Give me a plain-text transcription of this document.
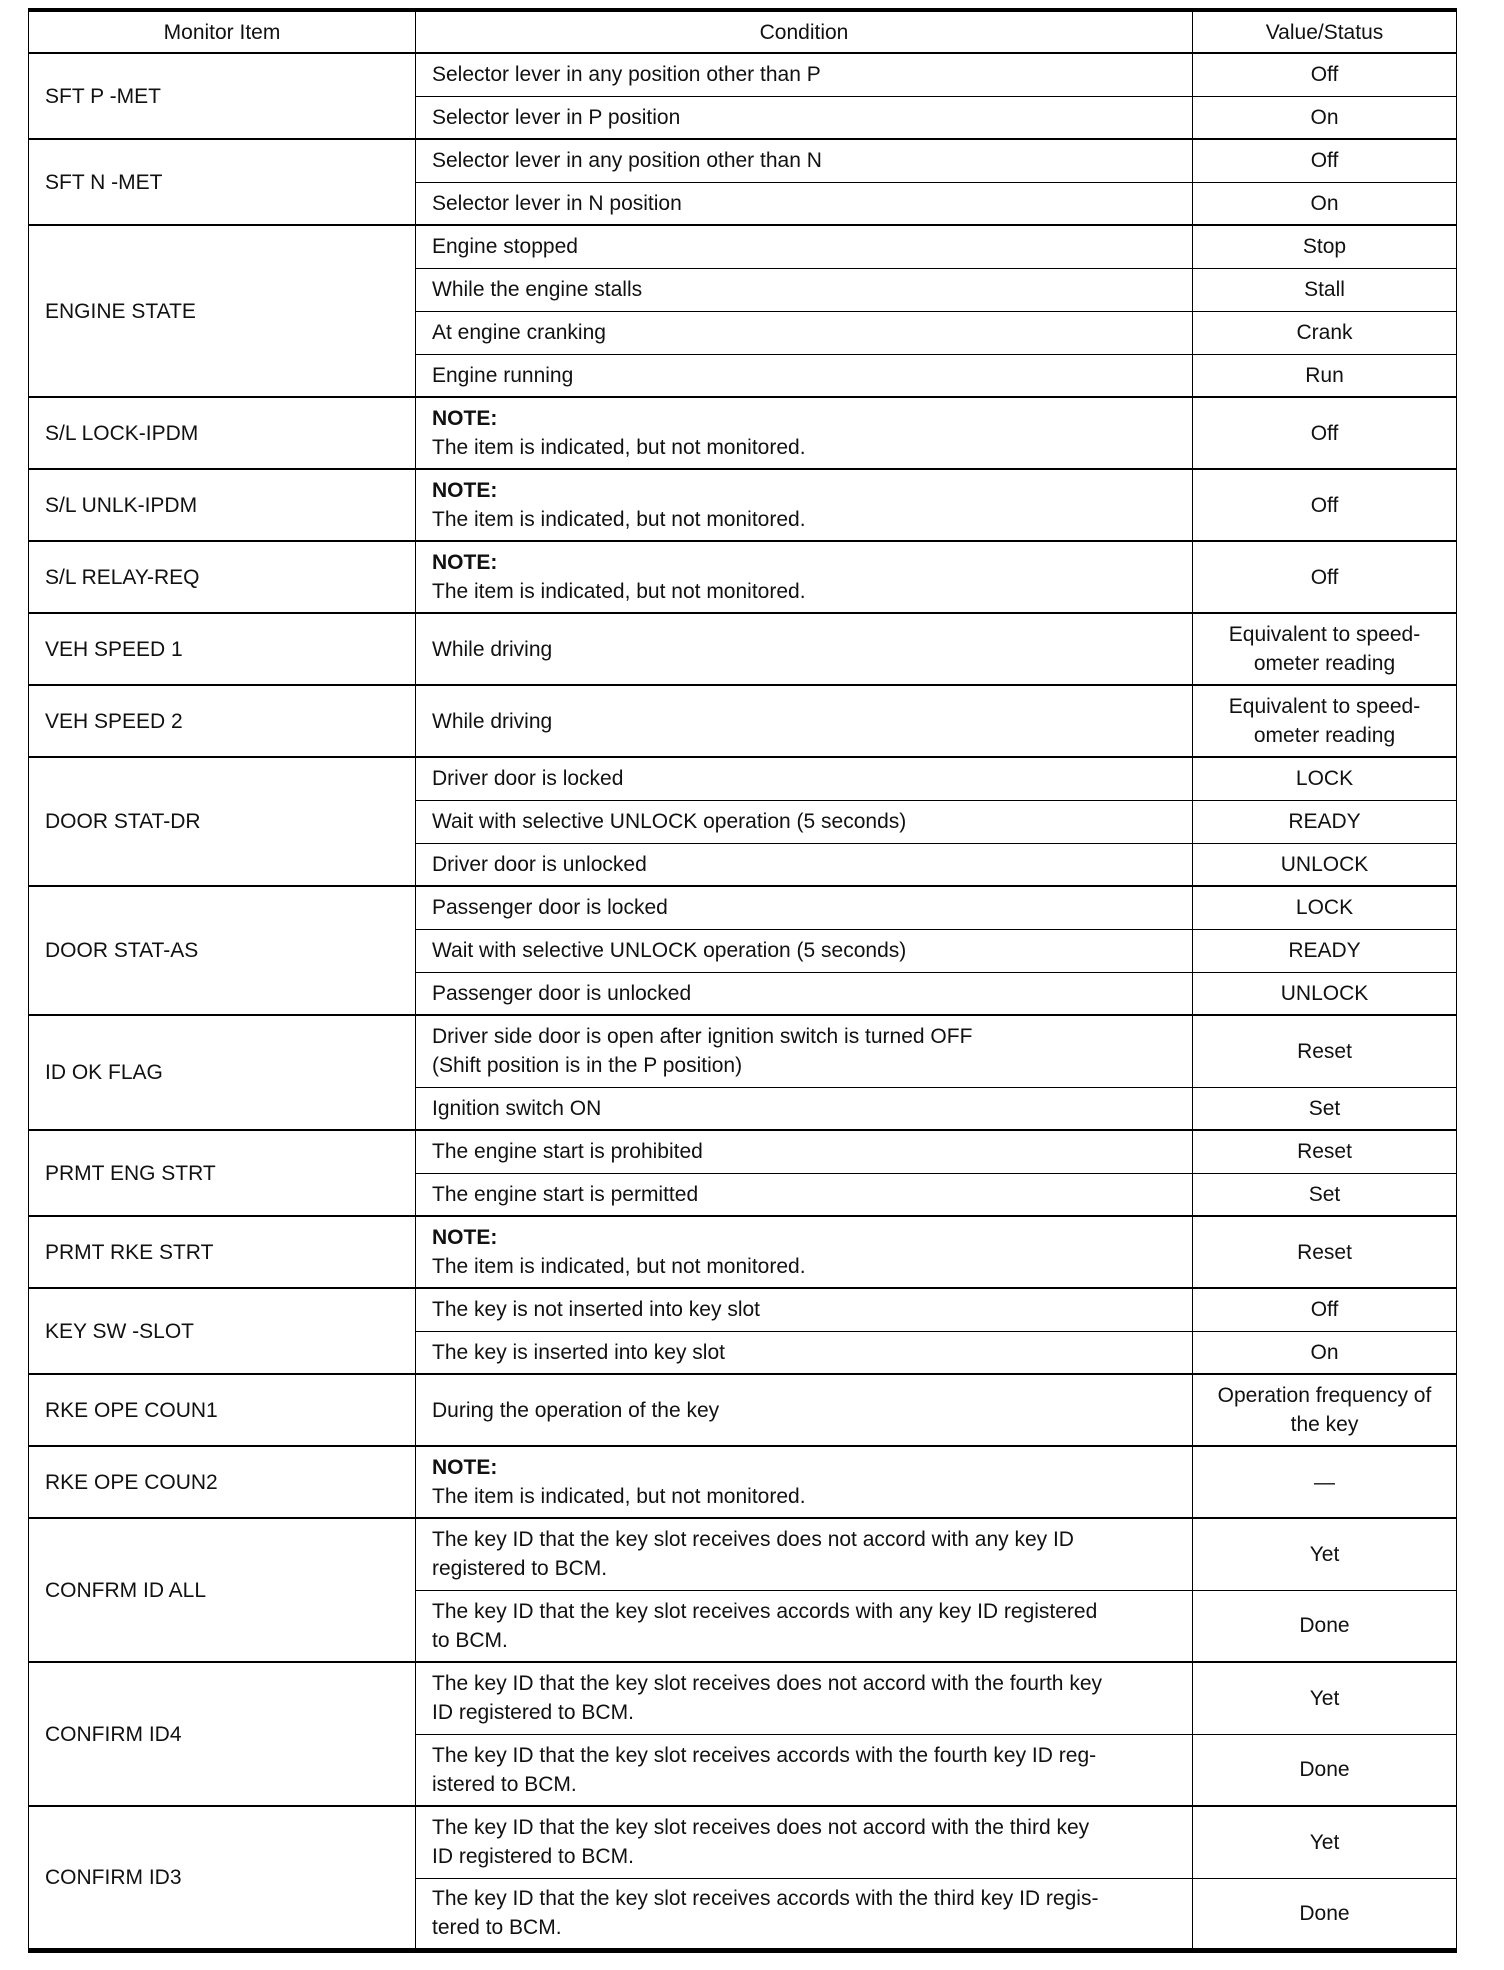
Monitor Item	Condition	Value/Status
SFT P -MET	Selector lever in any position other than P	Off

	Selector lever in P position	On

SFT N -MET	Selector lever in any position other than N	Off

	Selector lever in N position	On

ENGINE STATE	Engine stopped	Stop

	While the engine stalls	Stall

	At engine cranking	Crank

	Engine running	Run

S/L LOCK-IPDM	NOTE:
The item is indicated, but not monitored.	Off

S/L UNLK-IPDM	NOTE:
The item is indicated, but not monitored.	Off

S/L RELAY-REQ	NOTE:
The item is indicated, but not monitored.	Off

VEH SPEED 1	While driving	Equivalent to speed-
ometer reading

VEH SPEED 2	While driving	Equivalent to speed-
ometer reading

DOOR STAT-DR	Driver door is locked	LOCK

	Wait with selective UNLOCK operation (5 seconds)	READY

	Driver door is unlocked	UNLOCK

DOOR STAT-AS	Passenger door is locked	LOCK

	Wait with selective UNLOCK operation (5 seconds)	READY

	Passenger door is unlocked	UNLOCK

ID OK FLAG	Driver side door is open after ignition switch is turned OFF
(Shift position is in the P position)	Reset

	Ignition switch ON	Set

PRMT ENG STRT	The engine start is prohibited	Reset

	The engine start is permitted	Set

PRMT RKE STRT	NOTE:
The item is indicated, but not monitored.	Reset

KEY SW -SLOT	The key is not inserted into key slot	Off

	The key is inserted into key slot	On

RKE OPE COUN1	During the operation of the key	Operation frequency of
the key

RKE OPE COUN2	NOTE:
The item is indicated, but not monitored.	—

CONFRM ID ALL	The key ID that the key slot receives does not accord with any key ID
registered to BCM.	Yet

	The key ID that the key slot receives accords with any key ID registered
to BCM.	Done

CONFIRM ID4	The key ID that the key slot receives does not accord with the fourth key
ID registered to BCM.	Yet

	The key ID that the key slot receives accords with the fourth key ID reg-
istered to BCM.	Done

CONFIRM ID3	The key ID that the key slot receives does not accord with the third key
ID registered to BCM.	Yet

	The key ID that the key slot receives accords with the third key ID regis-
tered to BCM.	Done
